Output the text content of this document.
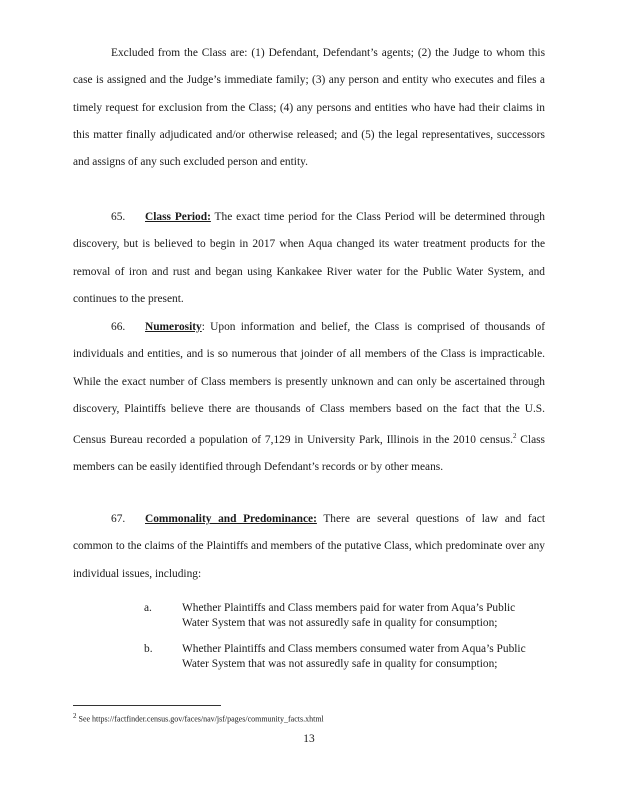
Excluded from the Class are: (1) Defendant, Defendant’s agents; (2) the Judge to whom this case is assigned and the Judge’s immediate family; (3) any person and entity who executes and files a timely request for exclusion from the Class; (4) any persons and entities who have had their claims in this matter finally adjudicated and/or otherwise released; and (5) the legal representatives, successors and assigns of any such excluded person and entity.

65. Class Period: The exact time period for the Class Period will be determined through discovery, but is believed to begin in 2017 when Aqua changed its water treatment products for the removal of iron and rust and began using Kankakee River water for the Public Water System, and continues to the present.

66. Numerosity: Upon information and belief, the Class is comprised of thousands of individuals and entities, and is so numerous that joinder of all members of the Class is impracticable. While the exact number of Class members is presently unknown and can only be ascertained through discovery, Plaintiffs believe there are thousands of Class members based on the fact that the U.S. Census Bureau recorded a population of 7,129 in University Park, Illinois in the 2010 census.$^2$ Class members can be easily identified through Defendant’s records or by other means.

67. Commonality and Predominance: There are several questions of law and fact common to the claims of the Plaintiffs and members of the putative Class, which predominate over any individual issues, including:

a.	Whether Plaintiffs and Class members paid for water from Aqua’s Public Water System that was not assuredly safe in quality for consumption;
b.	Whether Plaintiffs and Class members consumed water from Aqua’s Public Water System that was not assuredly safe in quality for consumption;
$^2$ See https://factfinder.census.gov/faces/nav/jsf/pages/community_facts.xhtml
13
